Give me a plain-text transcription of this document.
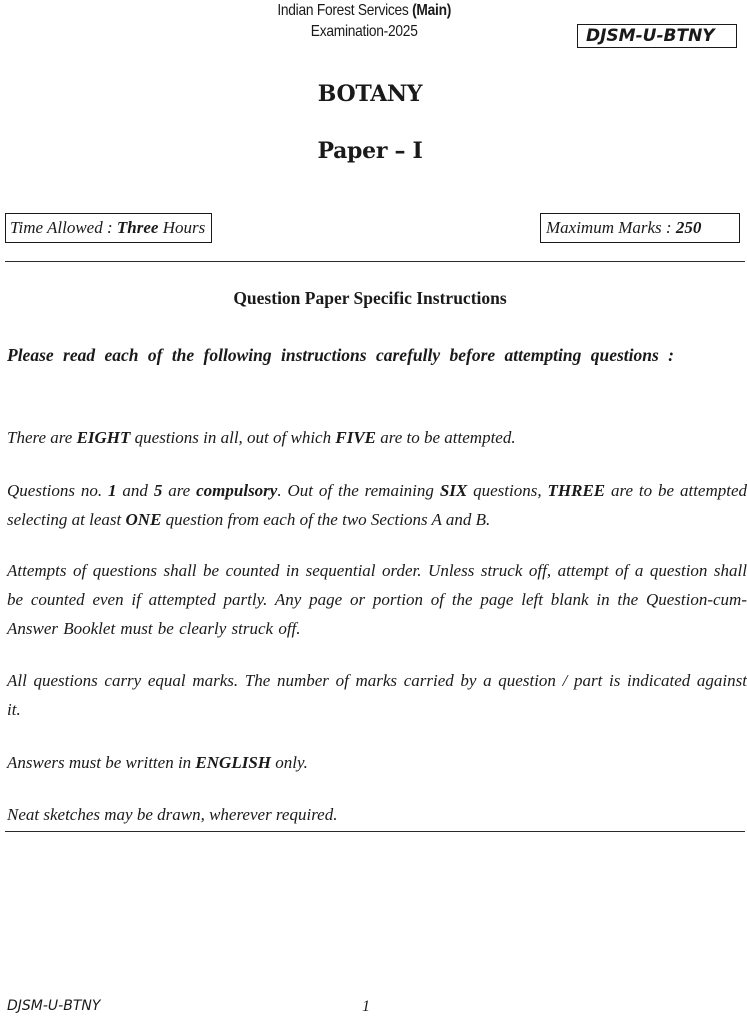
Indian Forest Services (Main)
Examination-2025	DJSM-U-BTNY
BOTANY
Paper – I
Time Allowed : Three Hours	Maximum Marks : 250
Question Paper Specific Instructions
Please read each of the following instructions carefully before attempting questions :
There are EIGHT questions in all, out of which FIVE are to be attempted.
Questions no. 1 and 5 are compulsory. Out of the remaining SIX questions, THREE are to be attempted selecting at least ONE question from each of the two Sections A and B.
Attempts of questions shall be counted in sequential order. Unless struck off, attempt of a question shall be counted even if attempted partly. Any page or portion of the page left blank in the Question-cum-Answer Booklet must be clearly struck off.
All questions carry equal marks. The number of marks carried by a question / part is indicated against it.
Answers must be written in ENGLISH only.
Neat sketches may be drawn, wherever required.
DJSM-U-BTNY	1
